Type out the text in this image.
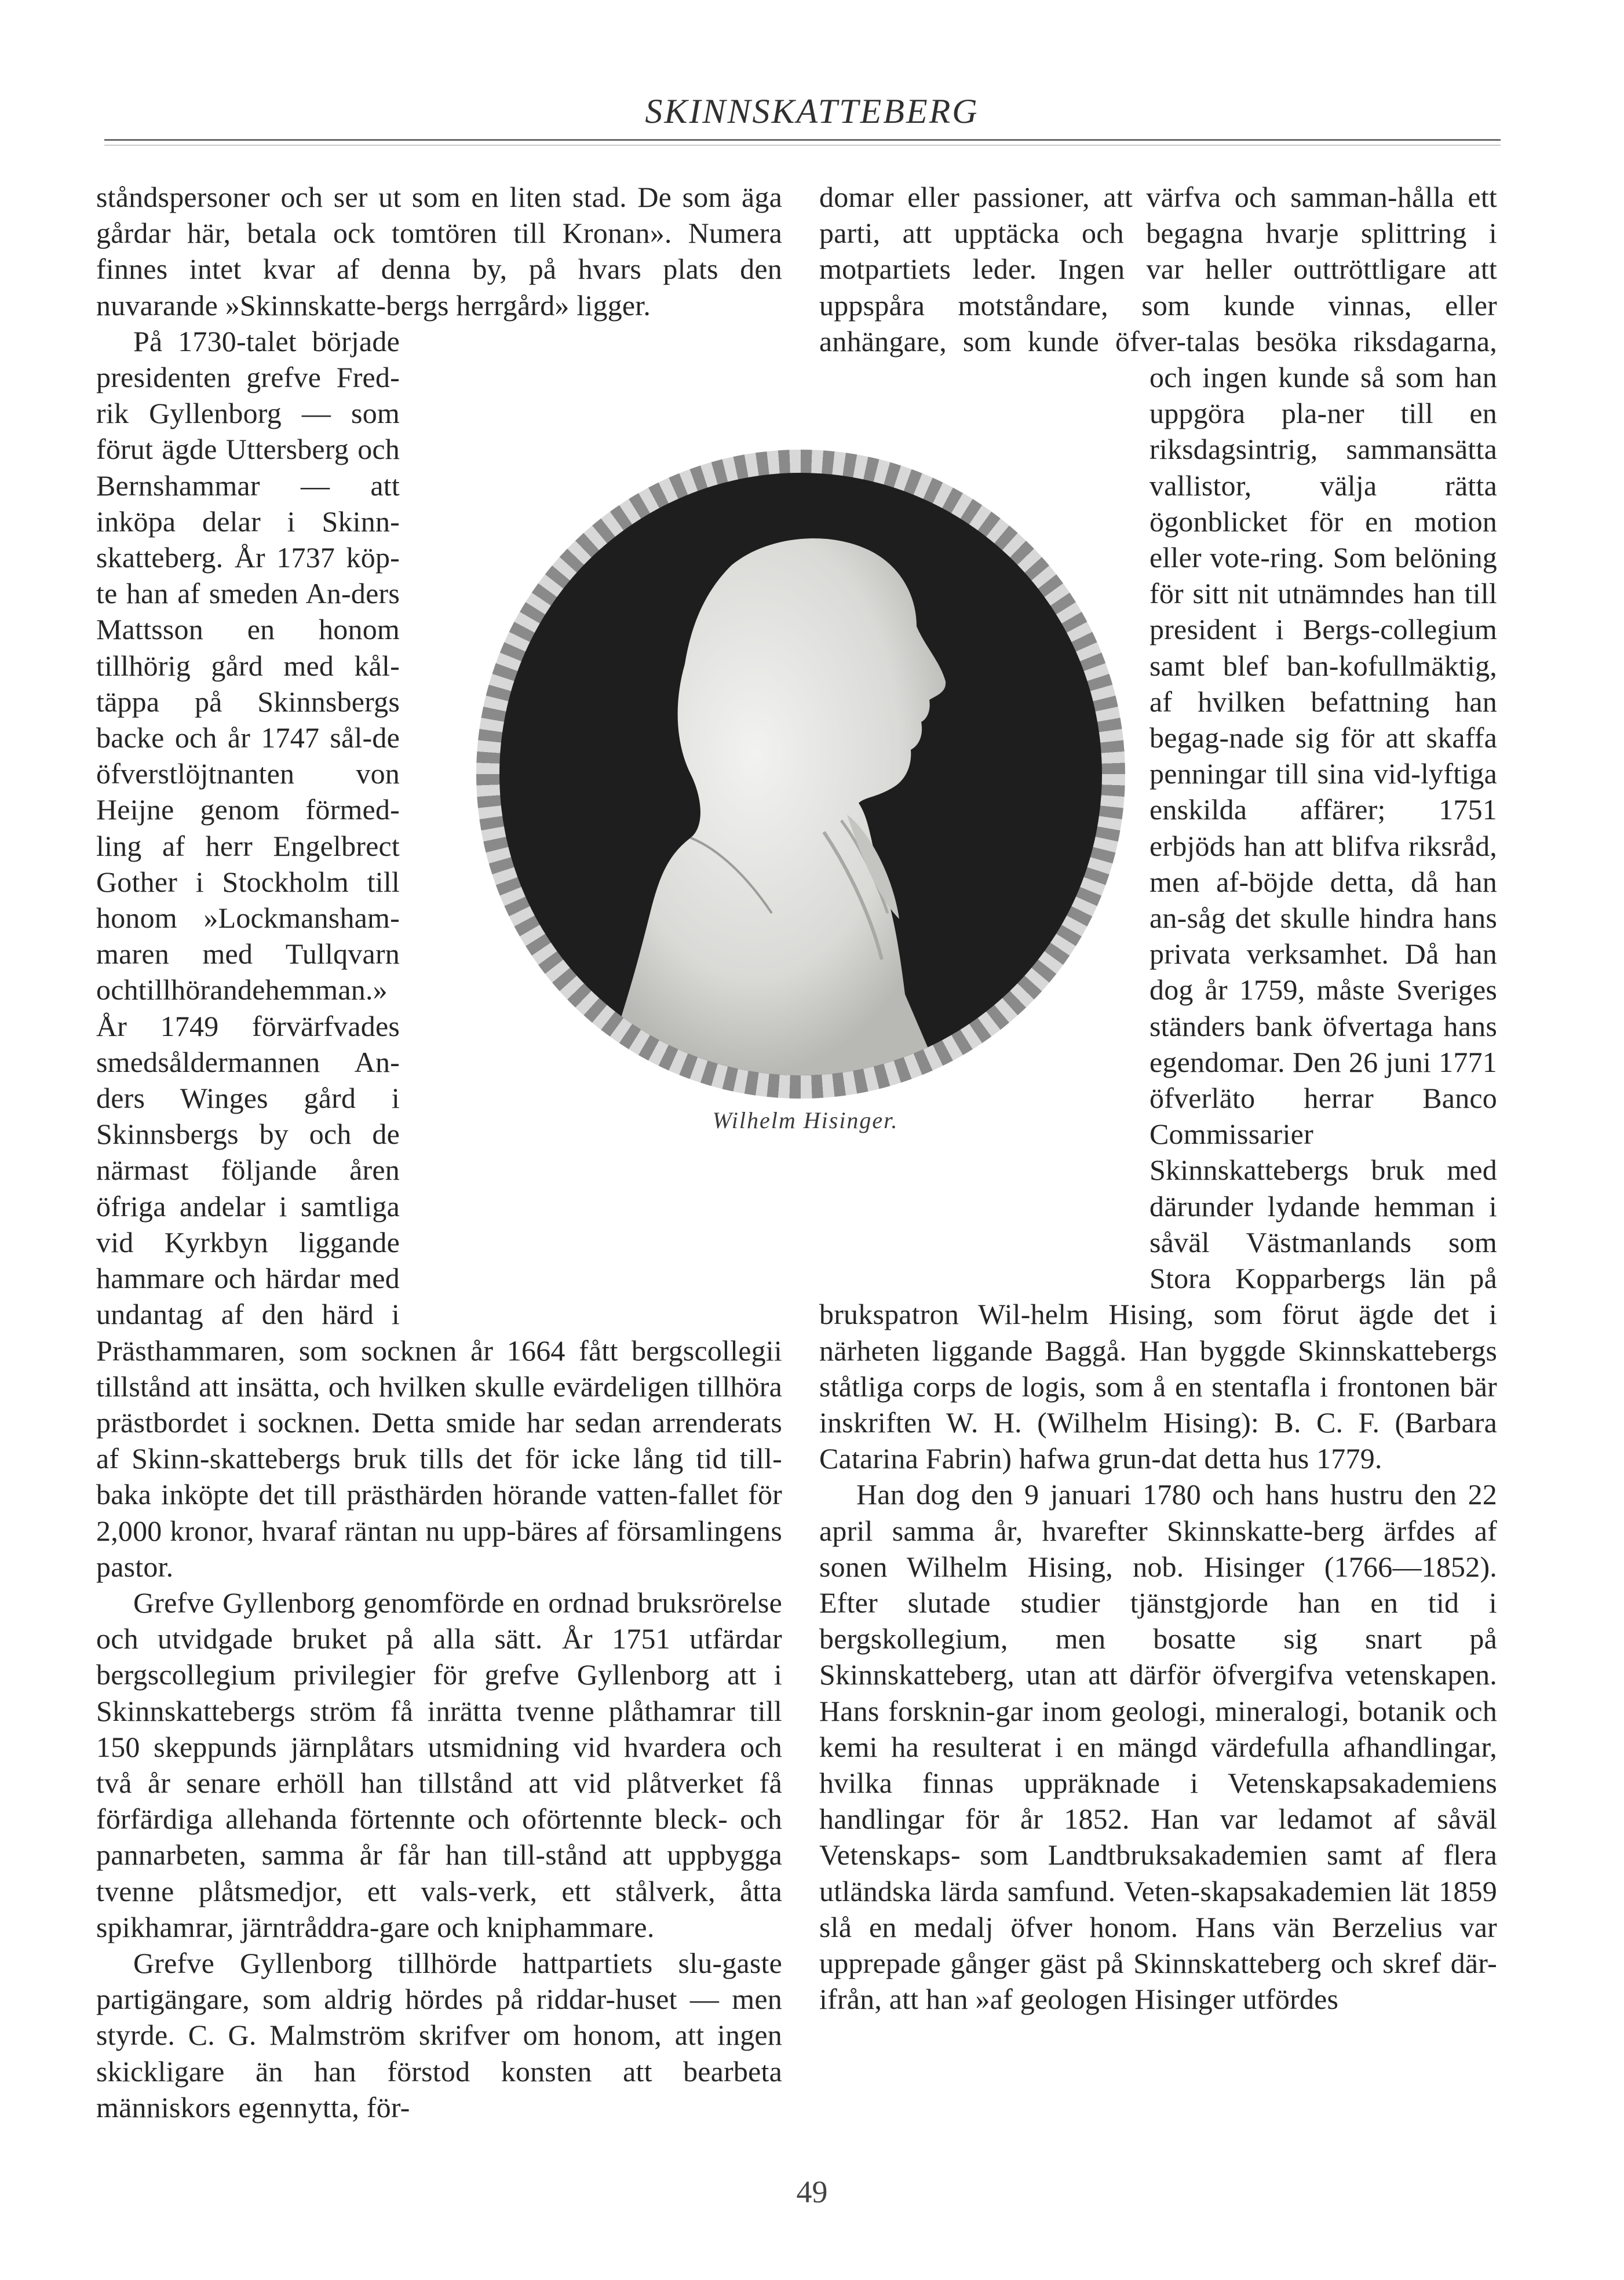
SKINNSKATTEBERG

ståndspersoner och ser ut som en liten stad. De som äga gårdar här, betala ock tomtören till Kronan». Numera finnes intet kvar af denna by, på hvars plats den nuvarande »Skinnskatte-bergs herrgård» ligger.

På 1730-talet började presidenten grefve Fred-rik Gyllenborg — som förut ägde Uttersberg och Bernshammar — att inköpa delar i Skinn-skatteberg. År 1737 köp-te han af smeden An-ders Mattsson en honom tillhörig gård med kål-täppa på Skinnsbergs backe och år 1747 sål-de öfverstlöjtnanten von Heijne genom förmed-ling af herr Engelbrect Gother i Stockholm till honom »Lockmansham-maren med Tullqvarn ochtillhörandehemman.» År 1749 förvärfvades smedsåldermannen An-ders Winges gård i Skinnsbergs by och de närmast följande åren öfriga andelar i samtliga vid Kyrkbyn liggande hammare och härdar med undantag af den härd i Prästhammaren, som socknen år 1664 fått bergscollegii tillstånd att insätta, och hvilken skulle evärdeligen tillhöra prästbordet i socknen. Detta smide har sedan arrenderats af Skinn-skattebergs bruk tills det för icke lång tid till-baka inköpte det till prästhärden hörande vatten-fallet för 2,000 kronor, hvaraf räntan nu upp-bäres af församlingens pastor.

Grefve Gyllenborg genomförde en ordnad bruksrörelse och utvidgade bruket på alla sätt. År 1751 utfärdar bergscollegium privilegier för grefve Gyllenborg att i Skinnskattebergs ström få inrätta tvenne plåthamrar till 150 skeppunds järnplåtars utsmidning vid hvardera och två år senare erhöll han tillstånd att vid plåtverket få förfärdiga allehanda förtennte och oförtennte bleck- och pannarbeten, samma år får han till-stånd att uppbygga tvenne plåtsmedjor, ett vals-verk, ett stålverk, åtta spikhamrar, järntråddra-gare och kniphammare.

Grefve Gyllenborg tillhörde hattpartiets slu-gaste partigängare, som aldrig hördes på riddar-huset — men styrde. C. G. Malmström skrifver om honom, att ingen skickligare än han förstod konsten att bearbeta människors egennytta, för-

domar eller passioner, att värfva och samman-hålla ett parti, att upptäcka och begagna hvarje splittring i motpartiets leder. Ingen var heller outtröttligare att uppspåra motståndare, som kunde vinnas, eller anhängare, som kunde öfver-talas besöka riksdagarna, och ingen kunde så som han uppgöra pla-ner till en riksdagsintrig, sammansätta vallistor, välja rätta ögonblicket för en motion eller vote-ring. Som belöning för sitt nit utnämndes han till president i Bergs-collegium samt blef ban-kofullmäktig, af hvilken befattning han begag-nade sig för att skaffa penningar till sina vid-lyftiga enskilda affärer; 1751 erbjöds han att blifva riksråd, men af-böjde detta, då han an-såg det skulle hindra hans privata verksamhet. Då han dog år 1759, måste Sveriges ständers bank öfvertaga hans egendomar. Den 26 juni 1771 öfverläto herrar Banco Commissarier Skinnskattebergs bruk med därunder lydande hemman i såväl Västmanlands som Stora Kopparbergs län på brukspatron Wil-helm Hising, som förut ägde det i närheten liggande Baggå. Han byggde Skinnskattebergs ståtliga corps de logis, som å en stentafla i frontonen bär inskriften W. H. (Wilhelm Hising): B. C. F. (Barbara Catarina Fabrin) hafwa grun-dat detta hus 1779.

Han dog den 9 januari 1780 och hans hustru den 22 april samma år, hvarefter Skinnskatte-berg ärfdes af sonen Wilhelm Hising, nob. Hisinger (1766—1852). Efter slutade studier tjänstgjorde han en tid i bergskollegium, men bosatte sig snart på Skinnskatteberg, utan att därför öfvergifva vetenskapen. Hans forsknin-gar inom geologi, mineralogi, botanik och kemi ha resulterat i en mängd värdefulla afhandlingar, hvilka finnas uppräknade i Vetenskapsakademiens handlingar för år 1852. Han var ledamot af såväl Vetenskaps- som Landtbruksakademien samt af flera utländska lärda samfund. Veten-skapsakademien lät 1859 slå en medalj öfver honom. Hans vän Berzelius var upprepade gånger gäst på Skinnskatteberg och skref där-ifrån, att han »af geologen Hisinger utfördes

Wilhelm Hisinger.
49
